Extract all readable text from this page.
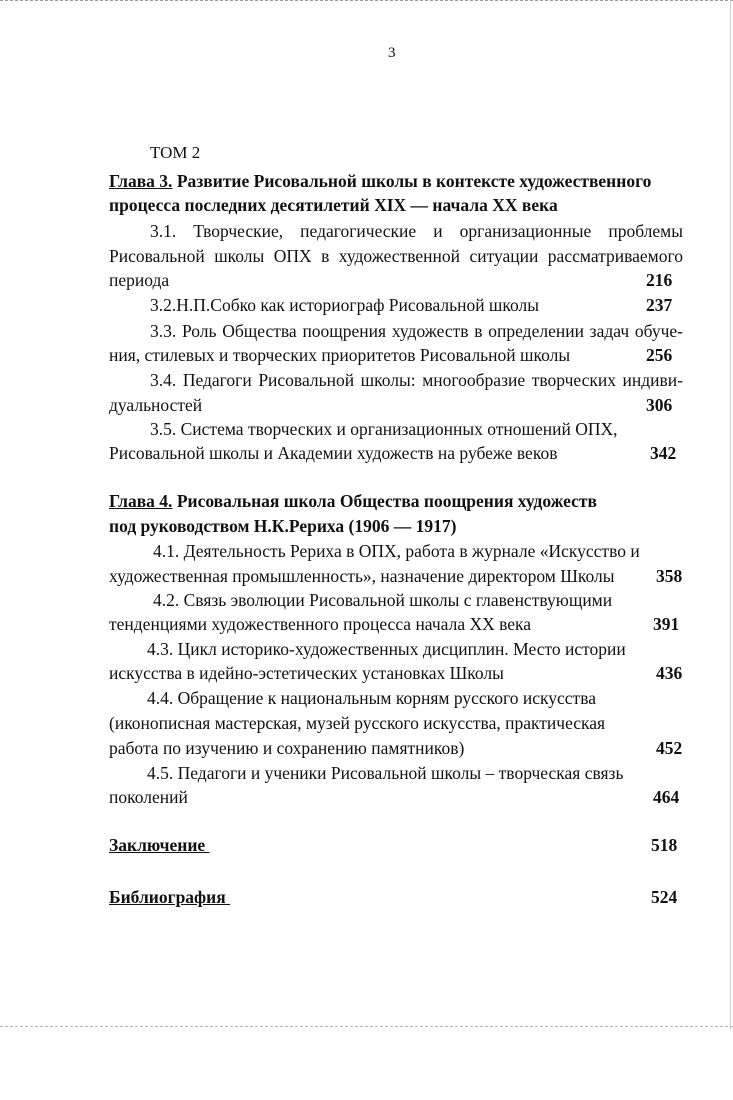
3
ТОМ 2
Глава 3. Развитие Рисовальной школы в контексте художественного
процесса последних десятилетий XIX — начала XX века
3.1. Творческие, педагогические и организационные проблемы
Рисовальной школы ОПХ в художественной ситуации рассматриваемого
периода	216
3.2.Н.П.Собко как историограф Рисовальной школы	237
3.3. Роль Общества поощрения художеств в определении задач обуче-
ния, стилевых и творческих приоритетов Рисовальной школы	256
3.4. Педагоги Рисовальной школы: многообразие творческих индиви-
дуальностей	306
3.5. Система творческих и организационных отношений ОПХ,
Рисовальной школы и Академии художеств на рубеже веков	342
Глава 4. Рисовальная школа Общества поощрения художеств
под руководством Н.К.Рериха (1906 — 1917)
4.1. Деятельность Рериха в ОПХ, работа в журнале «Искусство и
художественная промышленность», назначение директором Школы 358
4.2. Связь эволюции Рисовальной школы с главенствующими
тенденциями художественного процесса начала XX века	391
4.3. Цикл историко-художественных дисциплин. Место истории
искусства в идейно-эстетических установках Школы	436
4.4. Обращение к национальным корням русского искусства
(иконописная мастерская, музей русского искусства, практическая
работа по изучению и сохранению памятников)	452
4.5. Педагоги и ученики Рисовальной школы – творческая связь
поколений	464
Заключение	518
Библиография	524
